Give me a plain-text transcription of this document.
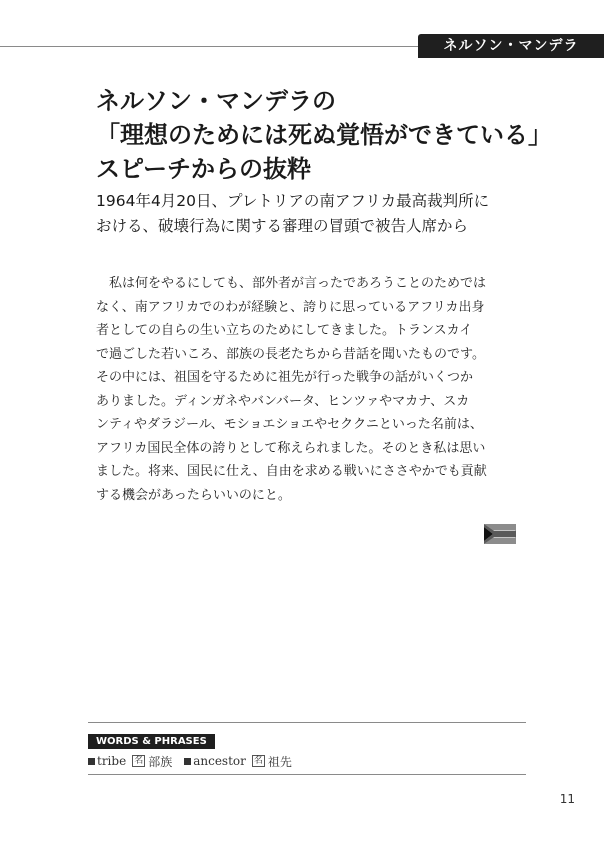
ネルソン・マンデラ
ネルソン・マンデラの
「理想のためには死ぬ覚悟ができている」
スピーチからの抜粋

1964年4月20日、プレトリアの南アフリカ最高裁判所に
おける、破壊行為に関する審理の冒頭で被告人席から

　私は何をやるにしても、部外者が言ったであろうことのためでは
なく、南アフリカでのわが経験と、誇りに思っているアフリカ出身
者としての自らの生い立ちのためにしてきました。トランスカイ
で過ごした若いころ、部族の長老たちから昔話を聞いたものです。
その中には、祖国を守るために祖先が行った戦争の話がいくつか
ありました。ディンガネやバンバータ、ヒンツァやマカナ、スカ
ンティやダラジール、モショエショエやセククニといった名前は、
アフリカ国民全体の誇りとして称えられました。そのとき私は思い
ました。将来、国民に仕え、自由を求める戦いにささやかでも貢献
する機会があったらいいのにと。
WORDS & PHRASES
tribe 名 部族 ancestor 名 祖先
11
